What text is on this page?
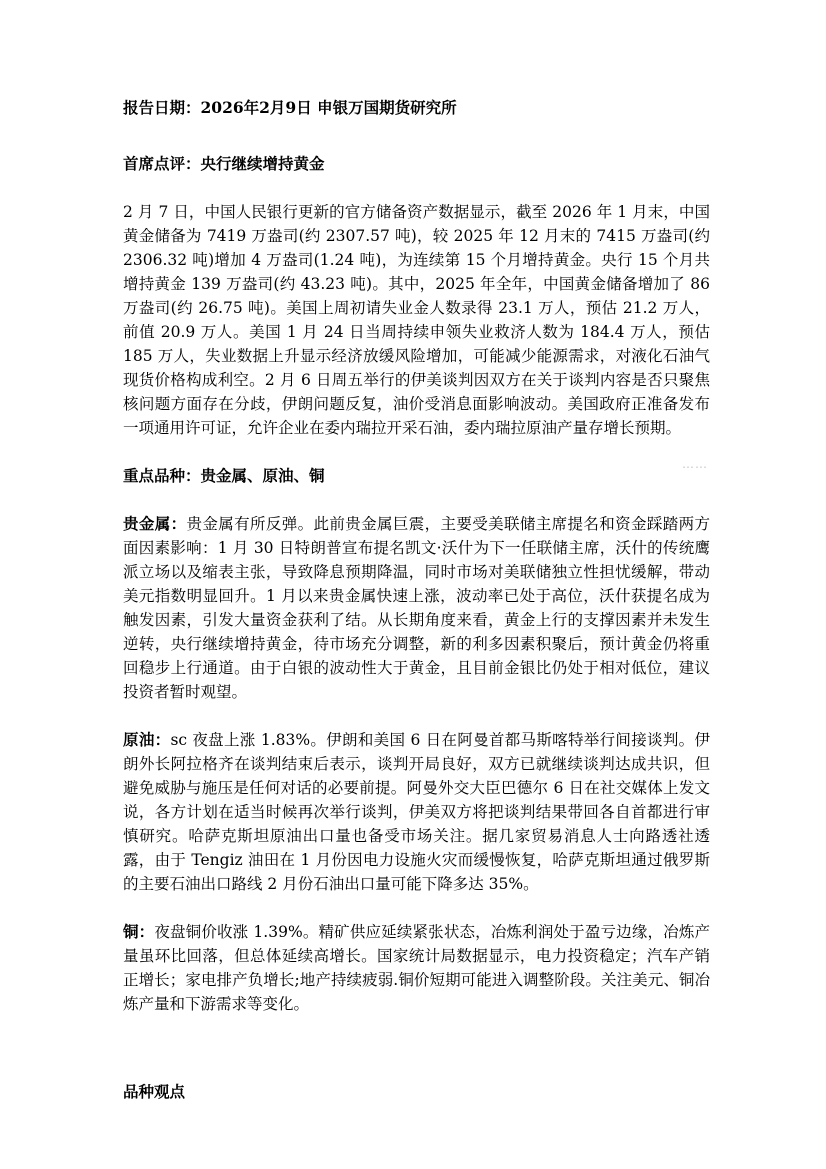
报告日期：2026年2月9日 申银万国期货研究所

首席点评：央行继续增持黄金

2 月 7 日，中国人民银行更新的官方储备资产数据显示，截至 2026 年 1 月末，中国黄金储备为 7419 万盎司(约 2307.57 吨)，较 2025 年 12 月末的 7415 万盎司(约 2306.32 吨)增加 4 万盎司(1.24 吨)，为连续第 15 个月增持黄金。央行 15 个月共增持黄金 139 万盎司(约 43.23 吨)。其中，2025 年全年，中国黄金储备增加了 86 万盎司(约 26.75 吨)。美国上周初请失业金人数录得 23.1 万人，预估 21.2 万人，前值 20.9 万人。美国 1 月 24 日当周持续申领失业救济人数为 184.4 万人，预估 185 万人，失业数据上升显示经济放缓风险增加，可能减少能源需求，对液化石油气现货价格构成利空。2 月 6 日周五举行的伊美谈判因双方在关于谈判内容是否只聚焦核问题方面存在分歧，伊朗问题反复，油价受消息面影响波动。美国政府正准备发布一项通用许可证，允许企业在委内瑞拉开采石油，委内瑞拉原油产量存增长预期。

……

重点品种：贵金属、原油、铜

贵金属：贵金属有所反弹。此前贵金属巨震，主要受美联储主席提名和资金踩踏两方面因素影响：1 月 30 日特朗普宣布提名凯文·沃什为下一任联储主席，沃什的传统鹰派立场以及缩表主张，导致降息预期降温，同时市场对美联储独立性担忧缓解，带动美元指数明显回升。1 月以来贵金属快速上涨，波动率已处于高位，沃什获提名成为触发因素，引发大量资金获利了结。从长期角度来看，黄金上行的支撑因素并未发生逆转，央行继续增持黄金，待市场充分调整，新的利多因素积聚后，预计黄金仍将重回稳步上行通道。由于白银的波动性大于黄金，且目前金银比仍处于相对低位，建议投资者暂时观望。

原油：sc 夜盘上涨 1.83%。伊朗和美国 6 日在阿曼首都马斯喀特举行间接谈判。伊朗外长阿拉格齐在谈判结束后表示，谈判开局良好，双方已就继续谈判达成共识，但避免威胁与施压是任何对话的必要前提。阿曼外交大臣巴德尔 6 日在社交媒体上发文说，各方计划在适当时候再次举行谈判，伊美双方将把谈判结果带回各自首都进行审慎研究。哈萨克斯坦原油出口量也备受市场关注。据几家贸易消息人士向路透社透露，由于 Tengiz 油田在 1 月份因电力设施火灾而缓慢恢复，哈萨克斯坦通过俄罗斯的主要石油出口路线 2 月份石油出口量可能下降多达 35%。

铜：夜盘铜价收涨 1.39%。精矿供应延续紧张状态，冶炼利润处于盈亏边缘，冶炼产量虽环比回落，但总体延续高增长。国家统计局数据显示，电力投资稳定；汽车产销正增长；家电排产负增长;地产持续疲弱.铜价短期可能进入调整阶段。关注美元、铜冶炼产量和下游需求等变化。

品种观点
